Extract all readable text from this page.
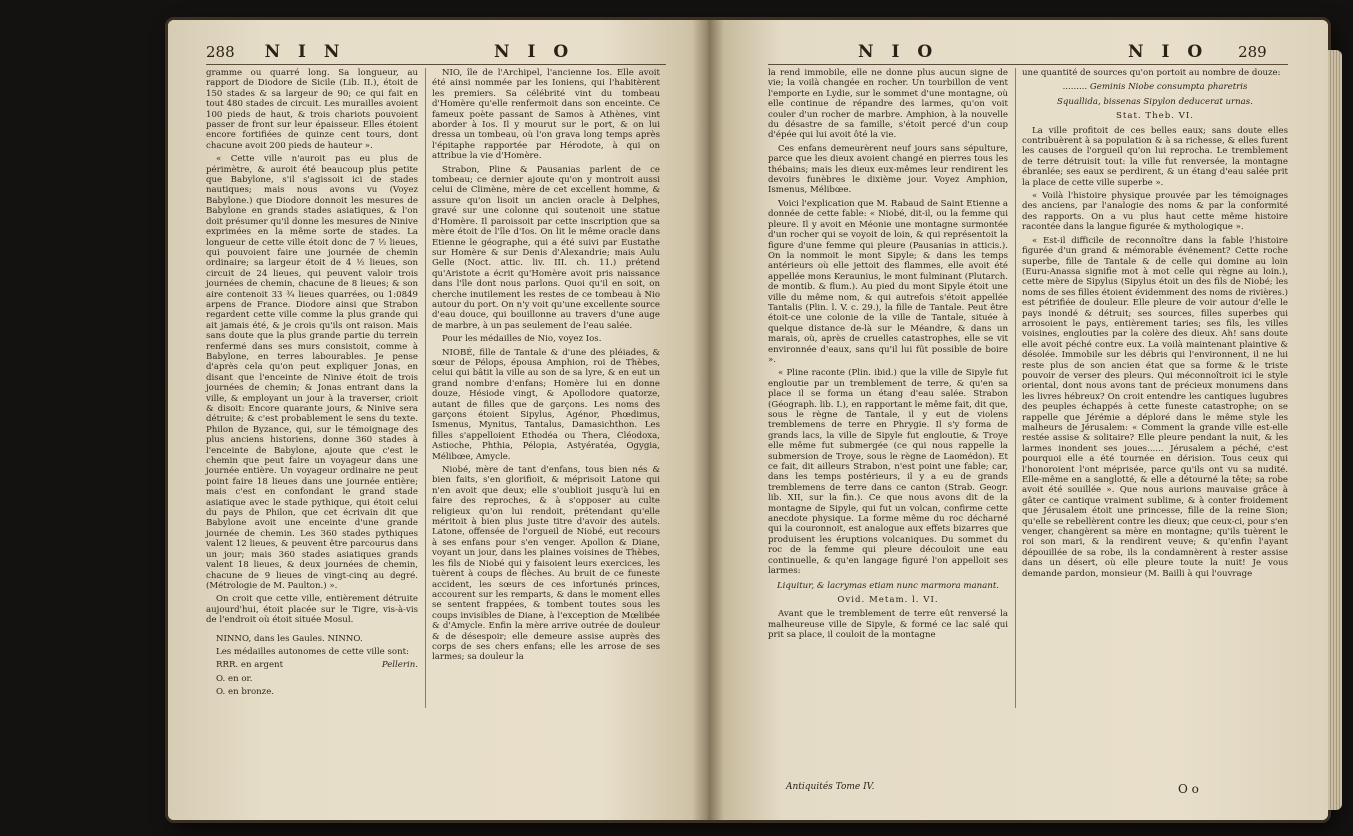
288 N I N	N I O

gramme ou quarré long. Sa longueur, au rapport de Diodore de Sicile (Lib. II.), étoit de 150 stades & sa largeur de 90; ce qui fait en tout 480 stades de circuit. Les murailles avoient 100 pieds de haut, & trois chariots pouvoient passer de front sur leur épaisseur. Elles étoient encore fortifiées de quinze cent tours, dont chacune avoit 200 pieds de hauteur ».

« Cette ville n'auroit pas eu plus de périmètre, & auroit été beaucoup plus petite que Babylone, s'il s'agissoit ici de stades nautiques; mais nous avons vu (Voyez Babylone.) que Diodore donnoit les mesures de Babylone en grands stades asiatiques, & l'on doit présumer qu'il donne les mesures de Ninive exprimées en la même sorte de stades. La longueur de cette ville étoit donc de 7 ½ lieues, qui pouvoient faire une journée de chemin ordinaire; sa largeur étoit de 4 ½ lieues, son circuit de 24 lieues, qui peuvent valoir trois journées de chemin, chacune de 8 lieues; & son aire contenoit 33 ¾ lieues quarrées, ou 1:0849 arpens de France. Diodore ainsi que Strabon regardent cette ville comme la plus grande qui ait jamais été, & je crois qu'ils ont raison. Mais sans doute que la plus grande partie du terrein renfermé dans ses murs consistoit, comme à Babylone, en terres labourables. Je pense d'après cela qu'on peut expliquer Jonas, en disant que l'enceinte de Ninive étoit de trois journées de chemin; & Jonas entrant dans la ville, & employant un jour à la traverser, crioit & disoit: Encore quarante jours, & Ninive sera détruite; & c'est probablement le sens du texte. Philon de Byzance, qui, sur le témoignage des plus anciens historiens, donne 360 stades à l'enceinte de Babylone, ajoute que c'est le chemin que peut faire un voyageur dans une journée entière. Un voyageur ordinaire ne peut point faire 18 lieues dans une journée entière; mais c'est en confondant le grand stade asiatique avec le stade pythique, qui étoit celui du pays de Philon, que cet écrivain dit que Babylone avoit une enceinte d'une grande journée de chemin. Les 360 stades pythiques valent 12 lieues, & peuvent être parcourus dans un jour; mais 360 stades asiatiques grands valent 18 lieues, & deux journées de chemin, chacune de 9 lieues de vingt-cinq au degré. (Métrologie de M. Paulton.) ».

On croit que cette ville, entièrement détruite aujourd'hui, étoit placée sur le Tigre, vis-à-vis de l'endroit où étoit située Mosul.

NINNO, dans les Gaules. NINNO.

Les médailles autonomes de cette ville sont:

RRR. en argent	Pellerin.
O. en or.
O. en bronze.

NIO, île de l'Archipel, l'ancienne Ios. Elle avoit été ainsi nommée par les Ioniens, qui l'habitèrent les premiers. Sa célébrité vint du tombeau d'Homère qu'elle renfermoit dans son enceinte. Ce fameux poète passant de Samos à Athènes, vint aborder à Ios. Il y mourut sur le port, & on lui dressa un tombeau, où l'on grava long temps après l'épitaphe rapportée par Hérodote, à qui on attribue la vie d'Homère.

Strabon, Pline & Pausanias parlent de ce tombeau; ce dernier ajoute qu'on y montroit aussi celui de Climène, mère de cet excellent homme, & assure qu'on lisoit un ancien oracle à Delphes, gravé sur une colonne qui soutenoit une statue d'Homère. Il paroissoit par cette inscription que sa mère étoit de l'île d'Ios. On lit le même oracle dans Etienne le géographe, qui a été suivi par Eustathe sur Homère & sur Denis d'Alexandrie; mais Aulu Gelle (Noct. attic. liv. III. ch. 11.) prétend qu'Aristote a écrit qu'Homère avoit pris naissance dans l'île dont nous parlons. Quoi qu'il en soit, on cherche inutilement les restes de ce tombeau à Nio autour du port. On n'y voit qu'une excellente source d'eau douce, qui bouillonne au travers d'une auge de marbre, à un pas seulement de l'eau salée.

Pour les médailles de Nio, voyez Ios.

NIOBÉ, fille de Tantale & d'une des pléiades, & sœur de Pélops, épousa Amphion, roi de Thèbes, celui qui bâtit la ville au son de sa lyre, & en eut un grand nombre d'enfans; Homère lui en donne douze, Hésiode vingt, & Apollodore quatorze, autant de filles que de garçons. Les noms des garçons étoient Sipylus, Agénor, Phœdimus, Ismenus, Mynitus, Tantalus, Damasichthon. Les filles s'appelloient Ethodéa ou Thera, Cléodoxa, Astioche, Phthia, Pélopia, Astyératéa, Ogygia, Mélibœe, Amycle.

Niobé, mère de tant d'enfans, tous bien nés & bien faits, s'en glorifioit, & méprisoit Latone qui n'en avoit que deux; elle s'oublioit jusqu'à lui en faire des reproches, & à s'opposer au culte religieux qu'on lui rendoit, prétendant qu'elle méritoit à bien plus juste titre d'avoir des autels. Latone, offensée de l'orgueil de Niobé, eut recours à ses enfans pour s'en venger. Apollon & Diane, voyant un jour, dans les plaines voisines de Thèbes, les fils de Niobé qui y faisoient leurs exercices, les tuèrent à coups de flèches. Au bruit de ce funeste accident, les sœurs de ces infortunés princes, accourent sur les remparts, & dans le moment elles se sentent frappées, & tombent toutes sous les coups invisibles de Diane, à l'exception de Mœlibée & d'Amycle. Enfin la mère arrive outrée de douleur & de désespoir; elle demeure assise auprès des corps de ses chers enfans; elle les arrose de ses larmes; sa douleur la

N I O	N I O 289

la rend immobile, elle ne donne plus aucun signe de vie; la voilà changée en rocher. Un tourbillon de vent l'emporte en Lydie, sur le sommet d'une montagne, où elle continue de répandre des larmes, qu'on voit couler d'un rocher de marbre. Amphion, à la nouvelle du désastre de sa famille, s'étoit percé d'un coup d'épée qui lui avoit ôté la vie.

Ces enfans demeurèrent neuf jours sans sépulture, parce que les dieux avoient changé en pierres tous les thébains; mais les dieux eux-mêmes leur rendirent les devoirs funèbres le dixième jour. Voyez Amphion, Ismenus, Mélibœe.

Voici l'explication que M. Rabaud de Saint Etienne a donnée de cette fable: « Niobé, dit-il, ou la femme qui pleure. Il y avoit en Méonie une montagne surmontée d'un rocher qui se voyoit de loin, & qui représentoit la figure d'une femme qui pleure (Pausanias in atticis.). On la nommoit le mont Sipyle; & dans les temps antérieurs où elle jettoit des flammes, elle avoit été appellée mons Keraunius, le mont fulminant (Plutarch. de montib. & flum.). Au pied du mont Sipyle étoit une ville du même nom, & qui autrefois s'étoit appellée Tantalis (Plin. l. V. c. 29.), la fille de Tantale. Peut être étoit-ce une colonie de la ville de Tantale, située à quelque distance de-là sur le Méandre, & dans un marais, où, après de cruelles catastrophes, elle se vit environnée d'eaux, sans qu'il lui fût possible de boire ».

« Pline raconte (Plin. ibid.) que la ville de Sipyle fut engloutie par un tremblement de terre, & qu'en sa place il se forma un étang d'eau salée. Strabon (Géograph. lib. I.), en rapportant le même fait, dit que, sous le règne de Tantale, il y eut de violens tremblemens de terre en Phrygie. Il s'y forma de grands lacs, la ville de Sipyle fut engloutie, & Troye elle même fut submergée (ce qui nous rappelle la submersion de Troye, sous le règne de Laomédon). Et ce fait, dit ailleurs Strabon, n'est point une fable; car, dans les temps postérieurs, il y a eu de grands tremblemens de terre dans ce canton (Strab. Geogr. lib. XII, sur la fin.). Ce que nous avons dit de la montagne de Sipyle, qui fut un volcan, confirme cette anecdote physique. La forme même du roc décharné qui la couronnoit, est analogue aux effets bizarres que produisent les éruptions volcaniques. Du sommet du roc de la femme qui pleure découloit une eau continuelle, & qu'en langage figuré l'on appelloit ses larmes:

Liquitur, & lacrymas etiam nunc marmora manant.

Ovid. Metam. l. VI.

Avant que le tremblement de terre eût renversé la malheureuse ville de Sipyle, & formé ce lac salé qui prit sa place, il couloit de la montagne

une quantité de sources qu'on portoit au nombre de douze:

......... Geminis Niobe consumpta pharetris

Squallida, bissenas Sipylon deducerat urnas.

Stat. Theb. VI.

La ville profitoit de ces belles eaux; sans doute elles contribuèrent à sa population & à sa richesse, & elles furent les causes de l'orgueil qu'on lui reprocha. Le tremblement de terre détruisit tout: la ville fut renversée, la montagne ébranlée; ses eaux se perdirent, & un étang d'eau salée prit la place de cette ville superbe ».

« Voilà l'histoire physique prouvée par les témoignages des anciens, par l'analogie des noms & par la conformité des rapports. On a vu plus haut cette même histoire racontée dans la langue figurée & mythologique ».

« Est-il difficile de reconnoître dans la fable l'histoire figurée d'un grand & mémorable événement? Cette roche superbe, fille de Tantale & de celle qui domine au loin (Euru-Anassa signifie mot à mot celle qui règne au loin.), cette mère de Sipylus (Sipylus étoit un des fils de Niobé; les noms de ses filles étoient évidemment des noms de rivières.) est pétrifiée de douleur. Elle pleure de voir autour d'elle le pays inondé & détruit; ses sources, filles superbes qui arrosoient le pays, entièrement taries; ses fils, les villes voisines, englouties par la colère des dieux. Ah! sans doute elle avoit péché contre eux. La voilà maintenant plaintive & désolée. Immobile sur les débris qui l'environnent, il ne lui reste plus de son ancien état que sa forme & le triste pouvoir de verser des pleurs. Qui méconnoîtroit ici le style oriental, dont nous avons tant de précieux monumens dans les livres hébreux? On croit entendre les cantiques lugubres des peuples échappés à cette funeste catastrophe; on se rappelle que Jérémie a déploré dans le même style les malheurs de Jérusalem: « Comment la grande ville est-elle restée assise & solitaire? Elle pleure pendant la nuit, & les larmes inondent ses joues...... Jérusalem a péché, c'est pourquoi elle a été tournée en dérision. Tous ceux qui l'honoroient l'ont méprisée, parce qu'ils ont vu sa nudité. Elle-même en a sanglotté, & elle a détourné la tête; sa robe avoit été souillée ». Que nous aurions mauvaise grâce à gâter ce cantique vraiment sublime, & à conter froidement que Jérusalem étoit une princesse, fille de la reine Sion; qu'elle se rebellèrent contre les dieux; que ceux-ci, pour s'en venger, changèrent sa mère en montagne; qu'ils tuèrent le roi son mari, & la rendirent veuve; & qu'enfin l'ayant dépouillée de sa robe, ils la condamnèrent à rester assise dans un désert, où elle pleure toute la nuit! Je vous demande pardon, monsieur (M. Bailli à qui l'ouvrage

Antiquités Tome IV.	O o
